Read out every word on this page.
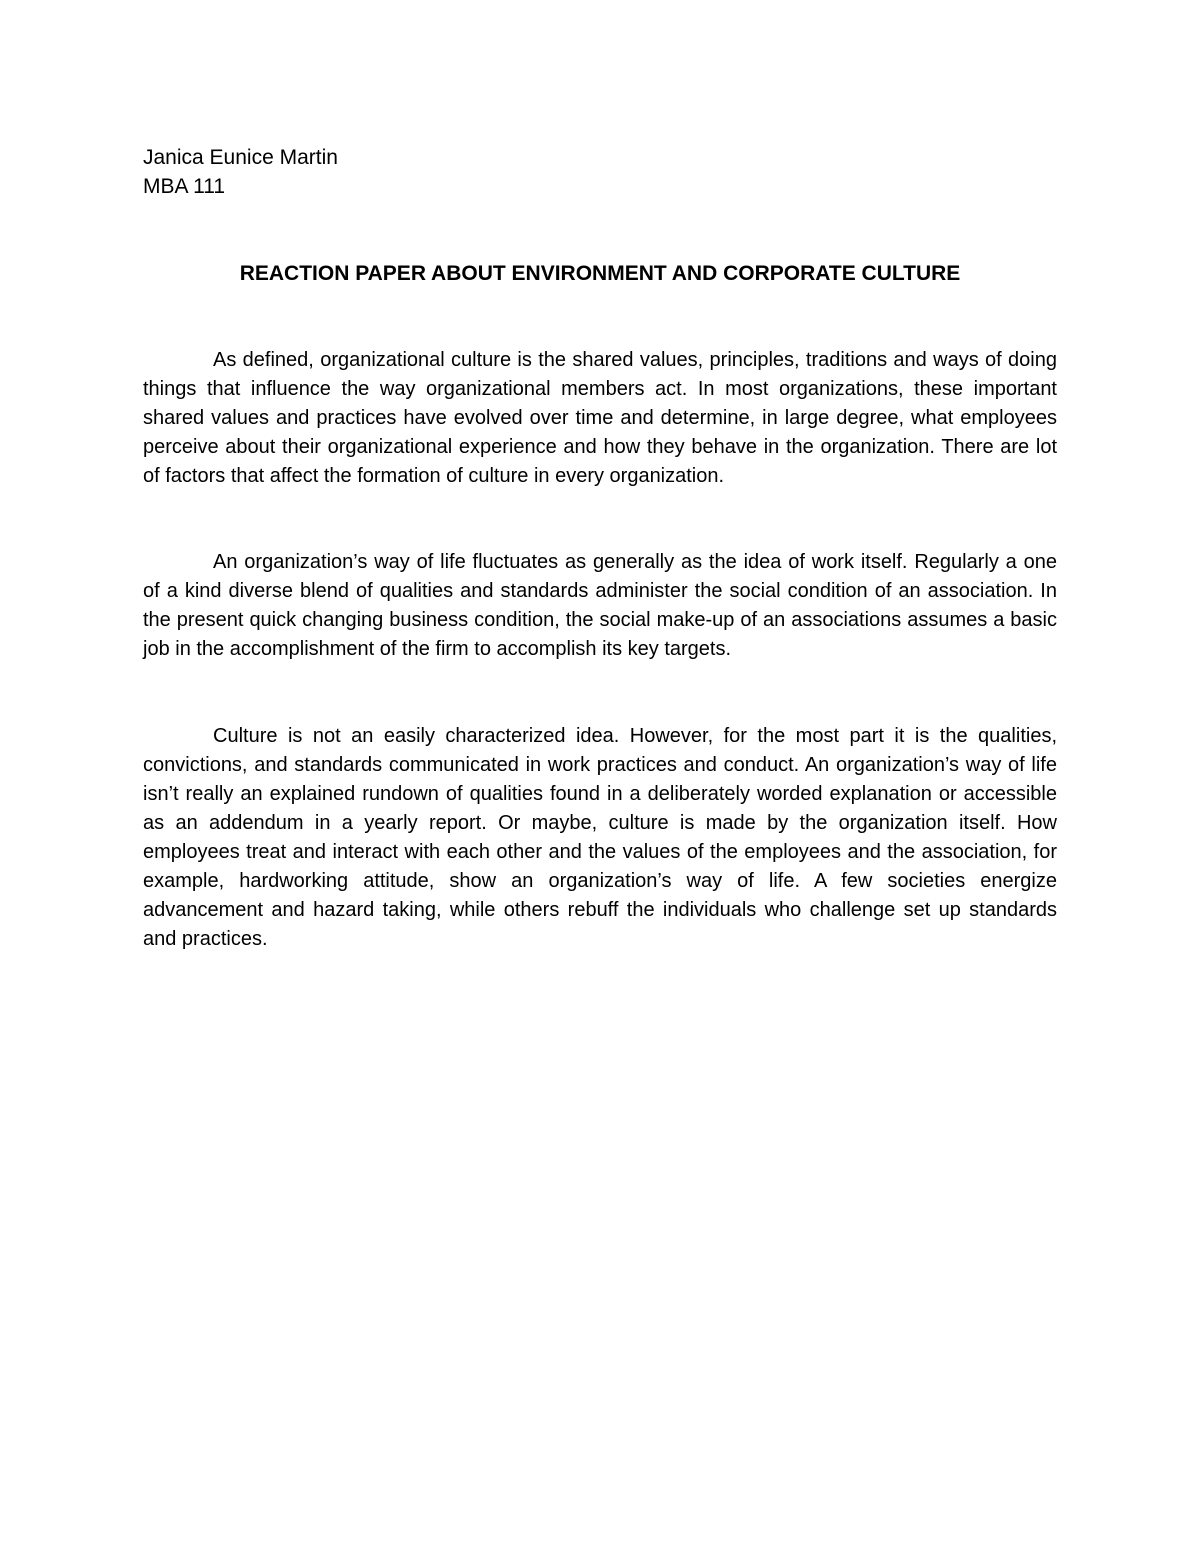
Janica Eunice Martin
MBA 111
REACTION PAPER ABOUT ENVIRONMENT AND CORPORATE CULTURE

As defined, organizational culture is the shared values, principles, traditions and ways of doing things that influence the way organizational members act. In most organizations, these important shared values and practices have evolved over time and determine, in large degree, what employees perceive about their organizational experience and how they behave in the organization. There are lot of factors that affect the formation of culture in every organization.

An organization’s way of life fluctuates as generally as the idea of work itself. Regularly a one of a kind diverse blend of qualities and standards administer the social condition of an association. In the present quick changing business condition, the social make-up of an associations assumes a basic job in the accomplishment of the firm to accomplish its key targets.

Culture is not an easily characterized idea. However, for the most part it is the qualities, convictions, and standards communicated in work practices and conduct. An organization’s way of life isn’t really an explained rundown of qualities found in a deliberately worded explanation or accessible as an addendum in a yearly report. Or maybe, culture is made by the organization itself. How employees treat and interact with each other and the values of the employees and the association, for example, hardworking attitude, show an organization’s way of life. A few societies energize advancement and hazard taking, while others rebuff the individuals who challenge set up standards and practices.
